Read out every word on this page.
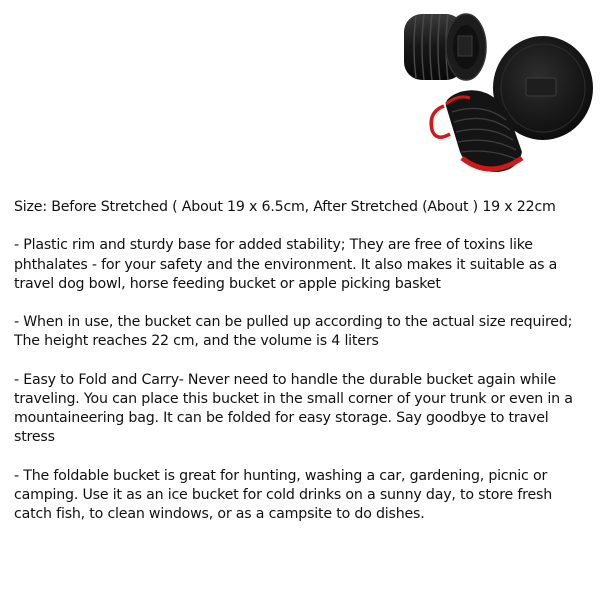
Size: Before Stretched ( About 19 x 6.5cm, After Stretched (About ) 19 x 22cm

- Plastic rim and sturdy base for added stability; They are free of toxins like phthalates - for your safety and the environment. It also makes it suitable as a travel dog bowl, horse feeding bucket or apple picking basket

- When in use, the bucket can be pulled up according to the actual size required; The height reaches 22 cm, and the volume is 4 liters

- Easy to Fold and Carry- Never need to handle the durable bucket again while traveling. You can place this bucket in the small corner of your trunk or even in a mountaineering bag. It can be folded for easy storage. Say goodbye to travel stress

- The foldable bucket is great for hunting, washing a car, gardening, picnic or camping. Use it as an ice bucket for cold drinks on a sunny day, to store fresh catch fish, to clean windows, or as a campsite to do dishes.
